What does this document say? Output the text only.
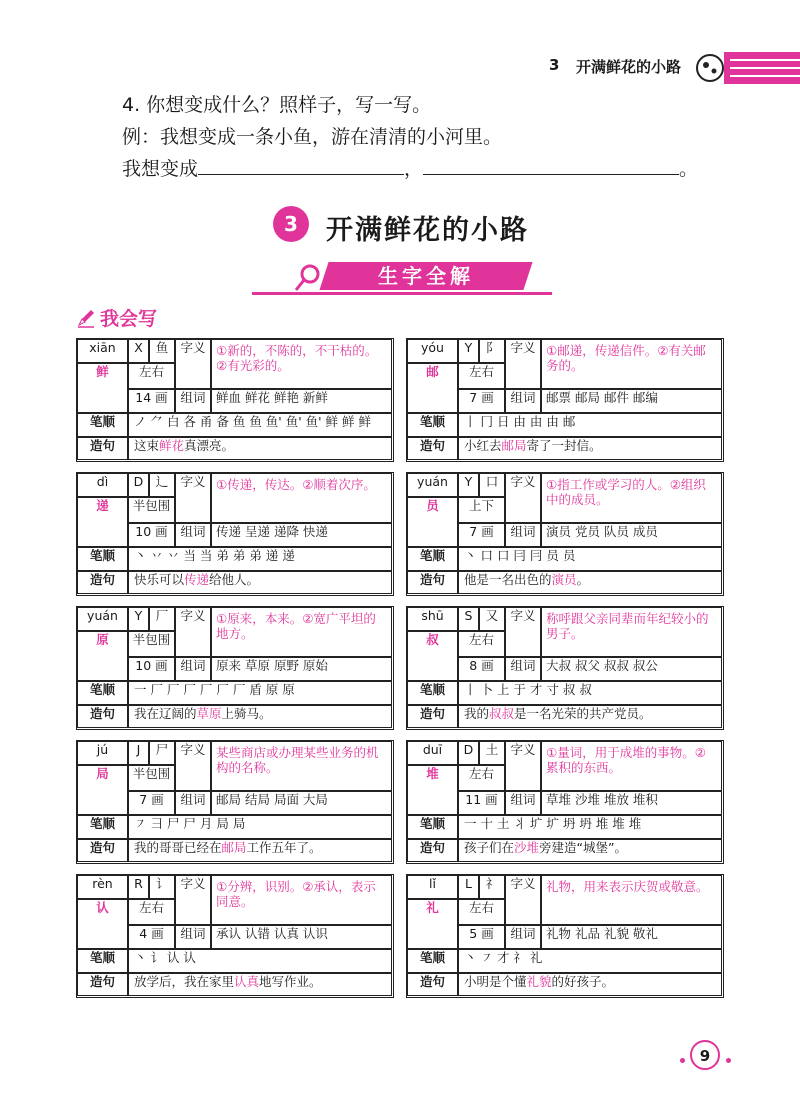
3 开满鲜花的小路
4. 你想变成什么？照样子，写一写。
例：我想变成一条小鱼，游在清清的小河里。
我想变成	，	。
3	开满鲜花的小路
生字全解
我会写
xiān	X	鱼
鲜	左右
14 画
字义 ①新的，不陈的，不干枯的。②有光彩的。
组词 鲜血 鲜花 鲜艳 新鲜
笔顺	ノ ⺈ 白 各 甬 备 鱼 鱼 鱼' 鱼' 鱼' 鲜 鲜 鲜
造句	这束鲜花真漂亮。
yóu	Y	阝
邮	左右
7 画
字义 ①邮递，传递信件。②有关邮务的。
组词 邮票 邮局 邮件 邮编
笔顺	丨 冂 日 由 由 由 邮
造句	小红去邮局寄了一封信。
dì	D 辶
递	半包围
10 画
字义 ①传递，传达。②顺着次序。
组词 传递 呈递 递降 快递
笔顺	丶 丷 丷 当 当 弟 弟 弟 递 递
造句	快乐可以传递给他人。
yuán	Y	口
员	上下
7 画
字义 ①指工作或学习的人。②组织中的成员。
组词 演员 党员 队员 成员
笔顺	丶 口 口 冃 冃 员 员
造句	他是一名出色的演员。
yuán	Y	厂
原	半包围
10 画
字义 ①原来，本来。②宽广平坦的地方。
组词 原来 草原 原野 原始
笔顺	一 厂 厂 厂 厂 厂 厂 盾 原 原
造句	我在辽阔的草原上骑马。
shū	S	又
叔	左右
8 画
字义 称呼跟父亲同辈而年纪较小的男子。
组词 大叔 叔父 叔叔 叔公
笔顺	丨 卜 上 于 才 寸 叔 叔
造句	我的叔叔是一名光荣的共产党员。
jú	J	尸
局	半包围
7 画
字义 某些商店或办理某些业务的机构的名称。
组词 邮局 结局 局面 大局
笔顺	㇇ 彐 尸 尸 月 局 局
造句	我的哥哥已经在邮局工作五年了。
duī	D 土
堆	左右
11 画
字义 ①量词，用于成堆的事物。②累积的东西。
组词 草堆 沙堆 堆放 堆积
笔顺	一 十 土 丬 圹 圹 坍 坍 堆 堆 堆
造句	孩子们在沙堆旁建造“城堡”。
rèn	R	讠
认	左右
4 画
字义 ①分辨，识别。②承认，表示同意。
组词 承认 认错 认真 认识
笔顺	丶 讠 认 认
造句	放学后，我在家里认真地写作业。
lǐ	L	礻
礼	左右
5 画
字义 礼物，用来表示庆贺或敬意。
组词 礼物 礼品 礼貌 敬礼
笔顺	丶 ㇇ 才 礻 礼
造句	小明是个懂礼貌的好孩子。
9
